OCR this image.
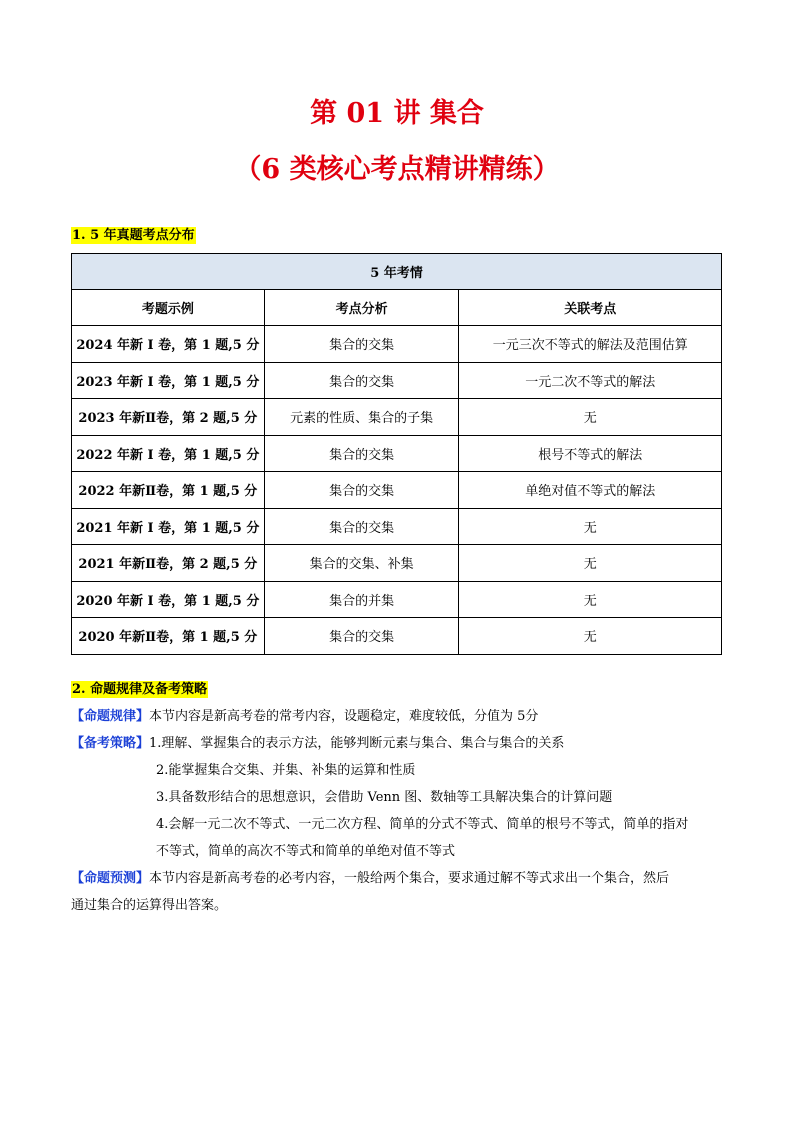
第 01 讲 集合
（6 类核心考点精讲精练）
1. 5 年真题考点分布
5 年考情		
考题示例	考点分析	关联考点
2024 年新 I 卷，第 1 题,5 分	集合的交集	一元三次不等式的解法及范围估算
2023 年新 I 卷，第 1 题,5 分	集合的交集	一元二次不等式的解法
2023 年新Ⅱ卷，第 2 题,5 分	元素的性质、集合的子集	无
2022 年新 I 卷，第 1 题,5 分	集合的交集	根号不等式的解法
2022 年新Ⅱ卷，第 1 题,5 分	集合的交集	单绝对值不等式的解法
2021 年新 I 卷，第 1 题,5 分	集合的交集	无
2021 年新Ⅱ卷，第 2 题,5 分	集合的交集、补集	无
2020 年新 I 卷，第 1 题,5 分	集合的并集	无
2020 年新Ⅱ卷，第 1 题,5 分	集合的交集	无
2. 命题规律及备考策略
【命题规律】本节内容是新高考卷的常考内容，设题稳定，难度较低，分值为 5分
【备考策略】1.理解、掌握集合的表示方法，能够判断元素与集合、集合与集合的关系
2.能掌握集合交集、并集、补集的运算和性质
3.具备数形结合的思想意识，会借助 Venn 图、数轴等工具解决集合的计算问题
4.会解一元二次不等式、一元二次方程、简单的分式不等式、简单的根号不等式，简单的指对
不等式，简单的高次不等式和简单的单绝对值不等式
【命题预测】本节内容是新高考卷的必考内容，一般给两个集合，要求通过解不等式求出一个集合，然后
通过集合的运算得出答案。
